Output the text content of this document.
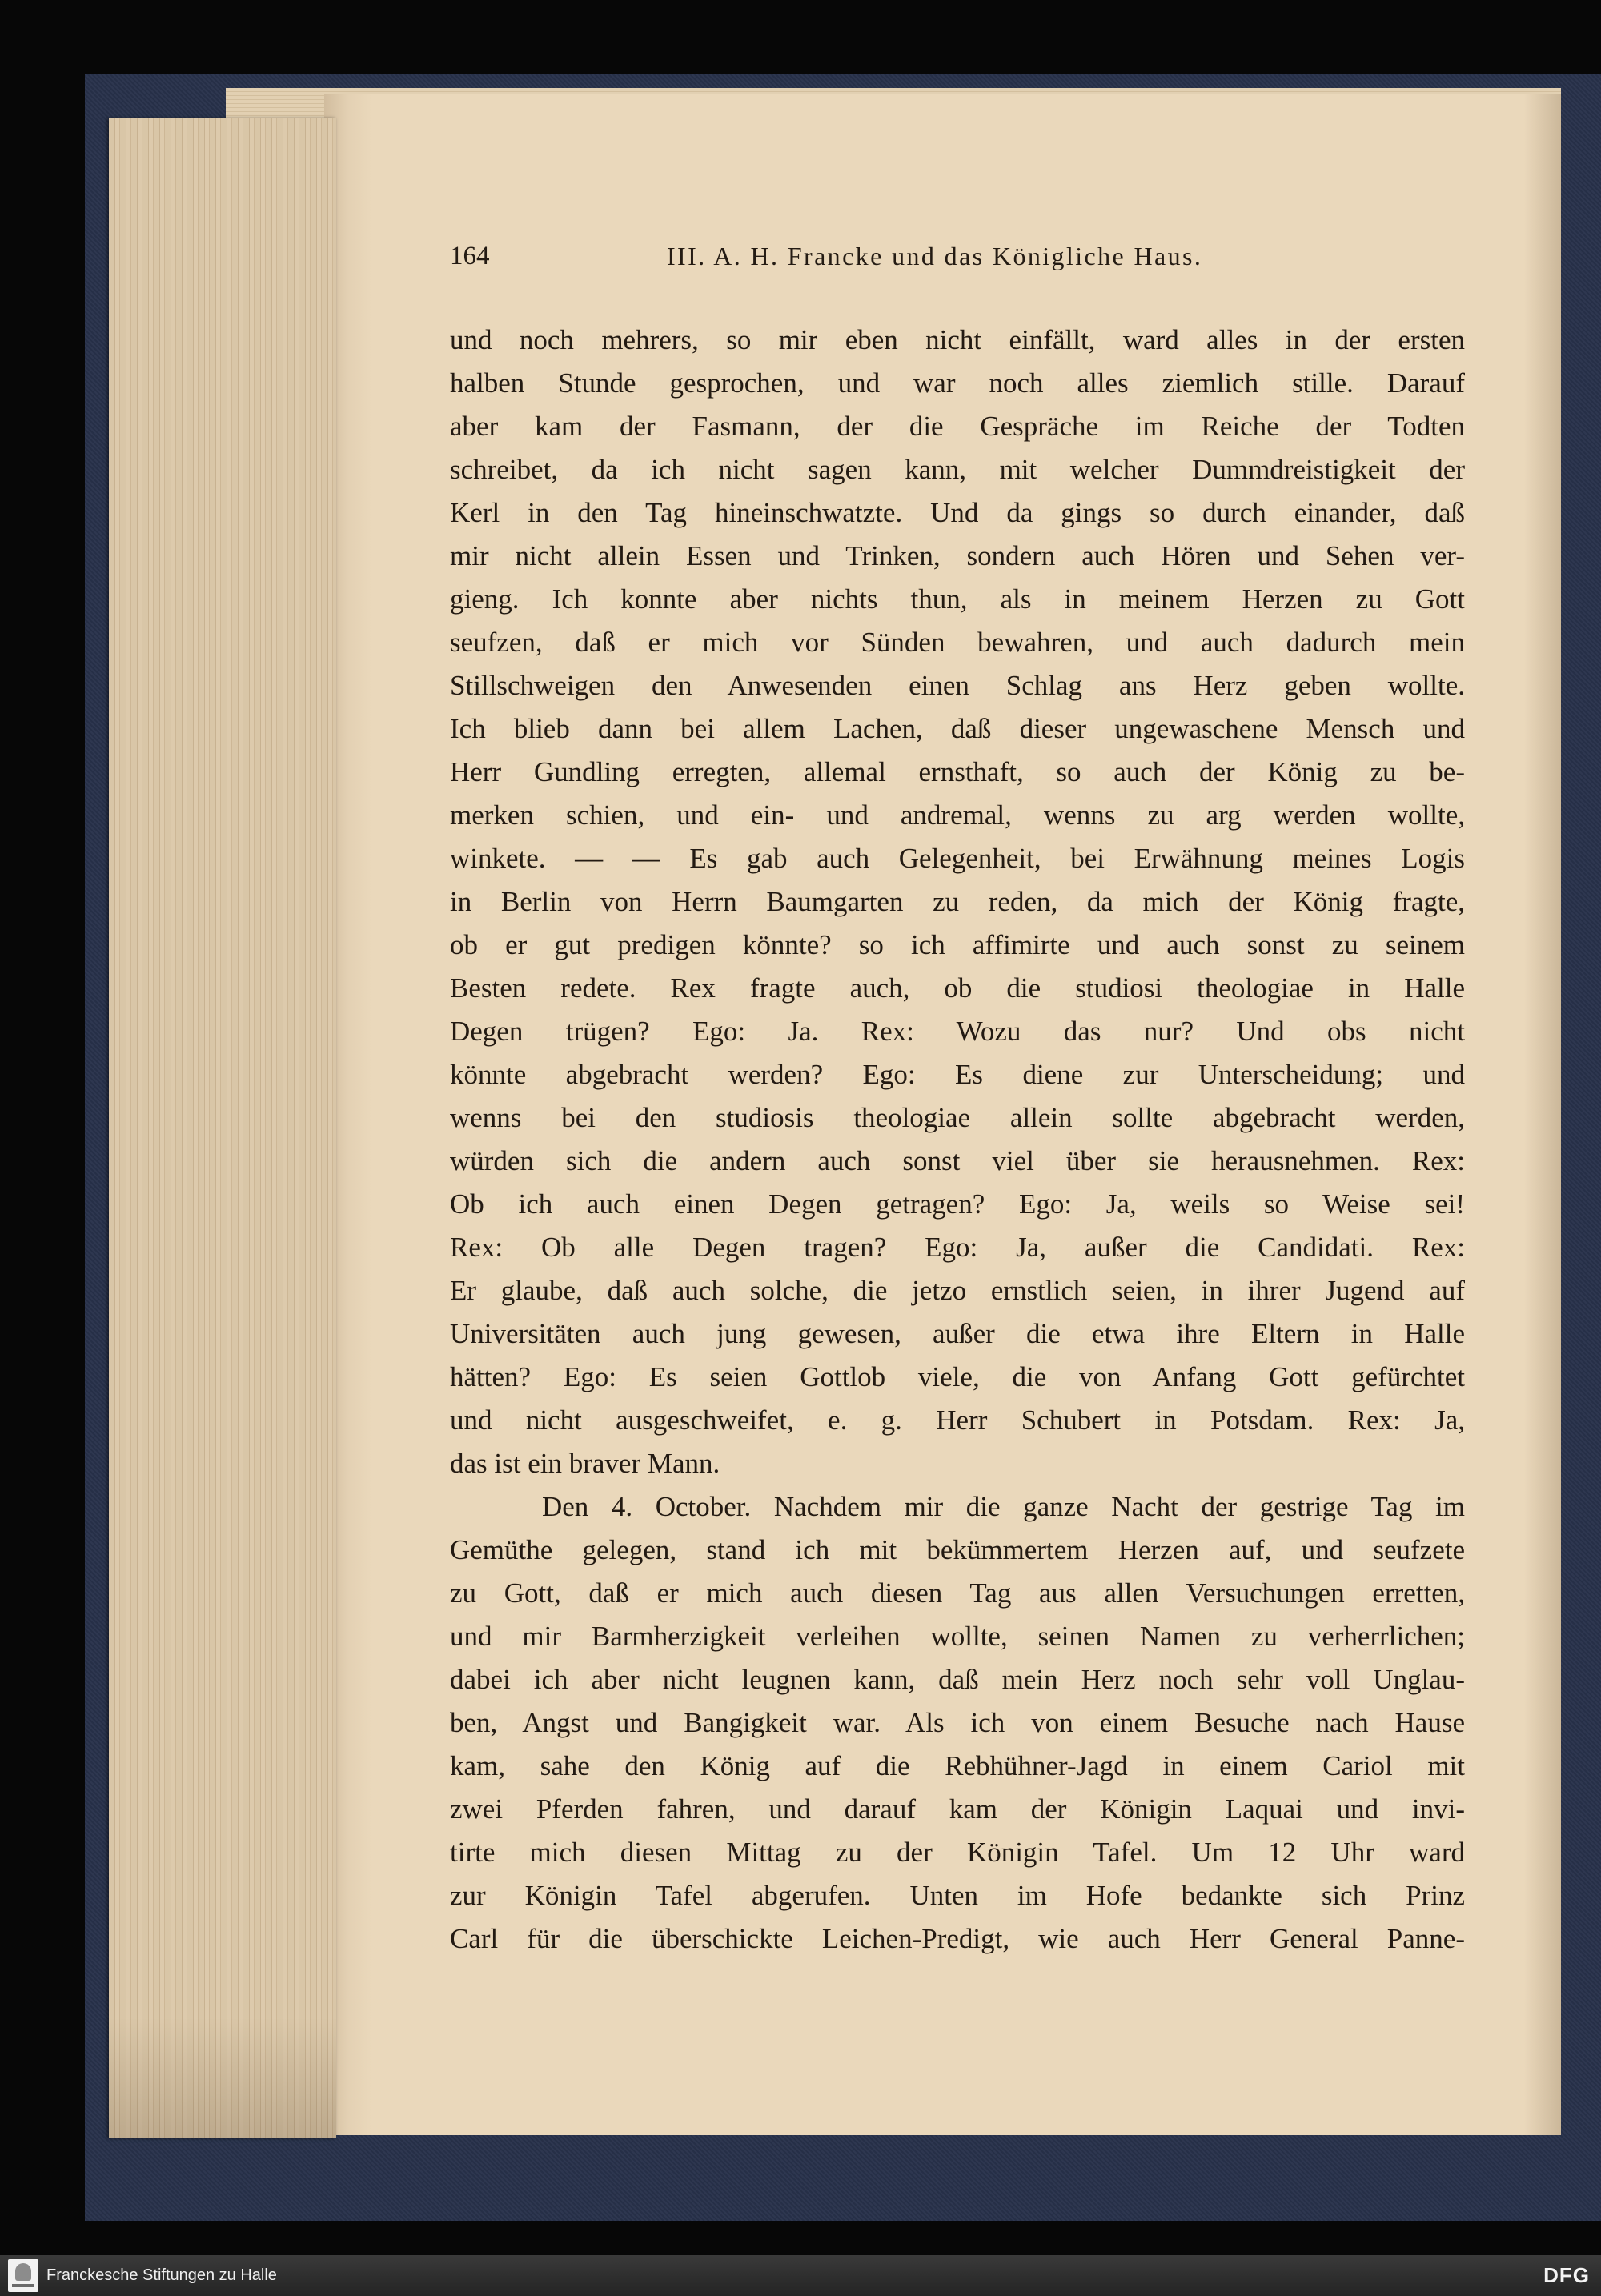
164	III. A. H. Francke und das Königliche Haus.
und noch mehrers, so mir eben nicht einfällt, ward alles in der ersten
halben Stunde gesprochen, und war noch alles ziemlich stille. Darauf
aber kam der Fasmann, der die Gespräche im Reiche der Todten
schreibet, da ich nicht sagen kann, mit welcher Dummdreistigkeit der
Kerl in den Tag hineinschwatzte. Und da gings so durch einander, daß
mir nicht allein Essen und Trinken, sondern auch Hören und Sehen ver-
gieng. Ich konnte aber nichts thun, als in meinem Herzen zu Gott
seufzen, daß er mich vor Sünden bewahren, und auch dadurch mein
Stillschweigen den Anwesenden einen Schlag ans Herz geben wollte.
Ich blieb dann bei allem Lachen, daß dieser ungewaschene Mensch und
Herr Gundling erregten, allemal ernsthaft, so auch der König zu be-
merken schien, und ein- und andremal, wenns zu arg werden wollte,
winkete. — — Es gab auch Gelegenheit, bei Erwähnung meines Logis
in Berlin von Herrn Baumgarten zu reden, da mich der König fragte,
ob er gut predigen könnte? so ich affimirte und auch sonst zu seinem
Besten redete. Rex fragte auch, ob die studiosi theologiae in Halle
Degen trügen? Ego: Ja. Rex: Wozu das nur? Und obs nicht
könnte abgebracht werden? Ego: Es diene zur Unterscheidung; und
wenns bei den studiosis theologiae allein sollte abgebracht werden,
würden sich die andern auch sonst viel über sie herausnehmen. Rex:
Ob ich auch einen Degen getragen? Ego: Ja, weils so Weise sei!
Rex: Ob alle Degen tragen? Ego: Ja, außer die Candidati. Rex:
Er glaube, daß auch solche, die jetzo ernstlich seien, in ihrer Jugend auf
Universitäten auch jung gewesen, außer die etwa ihre Eltern in Halle
hätten? Ego: Es seien Gottlob viele, die von Anfang Gott gefürchtet
und nicht ausgeschweifet, e. g. Herr Schubert in Potsdam. Rex: Ja,
das ist ein braver Mann.
Den 4. October. Nachdem mir die ganze Nacht der gestrige Tag im
Gemüthe gelegen, stand ich mit bekümmertem Herzen auf, und seufzete
zu Gott, daß er mich auch diesen Tag aus allen Versuchungen erretten,
und mir Barmherzigkeit verleihen wollte, seinen Namen zu verherrlichen;
dabei ich aber nicht leugnen kann, daß mein Herz noch sehr voll Unglau-
ben, Angst und Bangigkeit war. Als ich von einem Besuche nach Hause
kam, sahe den König auf die Rebhühner-Jagd in einem Cariol mit
zwei Pferden fahren, und darauf kam der Königin Laquai und invi-
tirte mich diesen Mittag zu der Königin Tafel. Um 12 Uhr ward
zur Königin Tafel abgerufen. Unten im Hofe bedankte sich Prinz
Carl für die überschickte Leichen-Predigt, wie auch Herr General Panne-
Franckesche Stiftungen zu Halle	DFG
